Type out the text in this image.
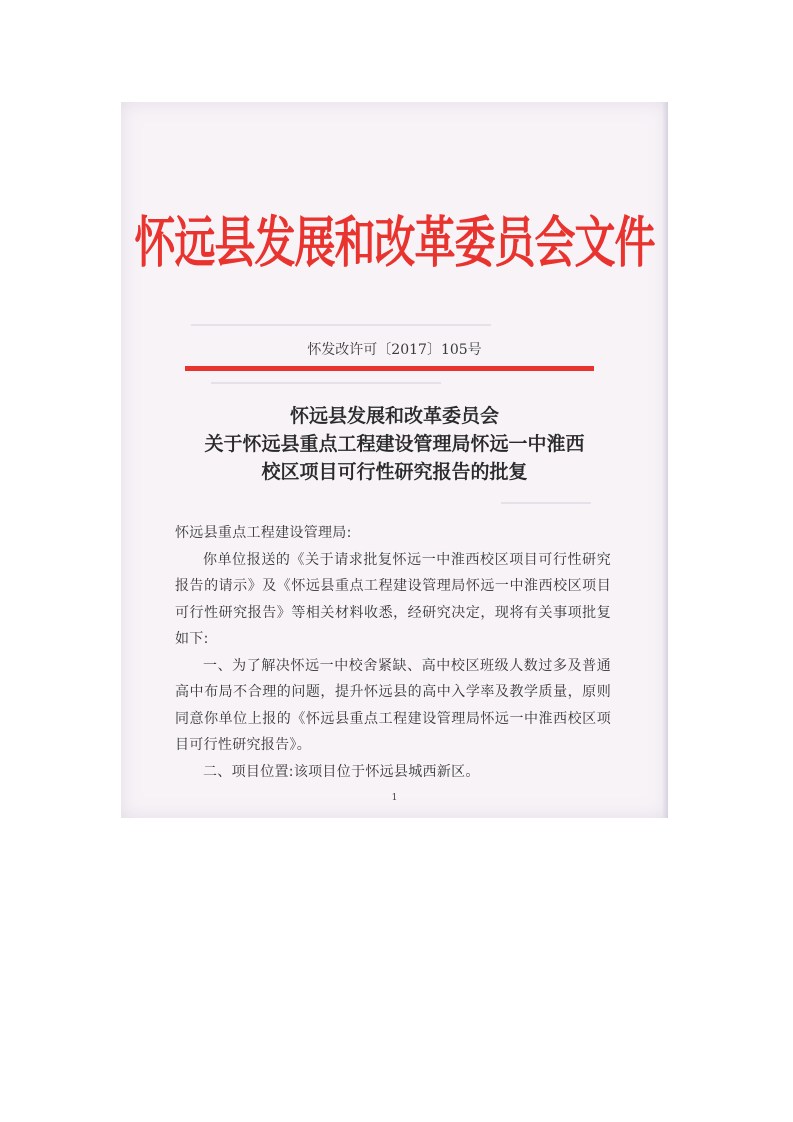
怀远县发展和改革委员会文件
怀发改许可〔2017〕105号
怀远县发展和改革委员会
关于怀远县重点工程建设管理局怀远一中淮西
校区项目可行性研究报告的批复

怀远县重点工程建设管理局:

你单位报送的《关于请求批复怀远一中淮西校区项目可行性研究报告的请示》及《怀远县重点工程建设管理局怀远一中淮西校区项目可行性研究报告》等相关材料收悉，经研究决定，现将有关事项批复如下:

一、为了解决怀远一中校舍紧缺、高中校区班级人数过多及普通高中布局不合理的问题，提升怀远县的高中入学率及教学质量，原则同意你单位上报的《怀远县重点工程建设管理局怀远一中淮西校区项目可行性研究报告》。

二、项目位置:该项目位于怀远县城西新区。

1
